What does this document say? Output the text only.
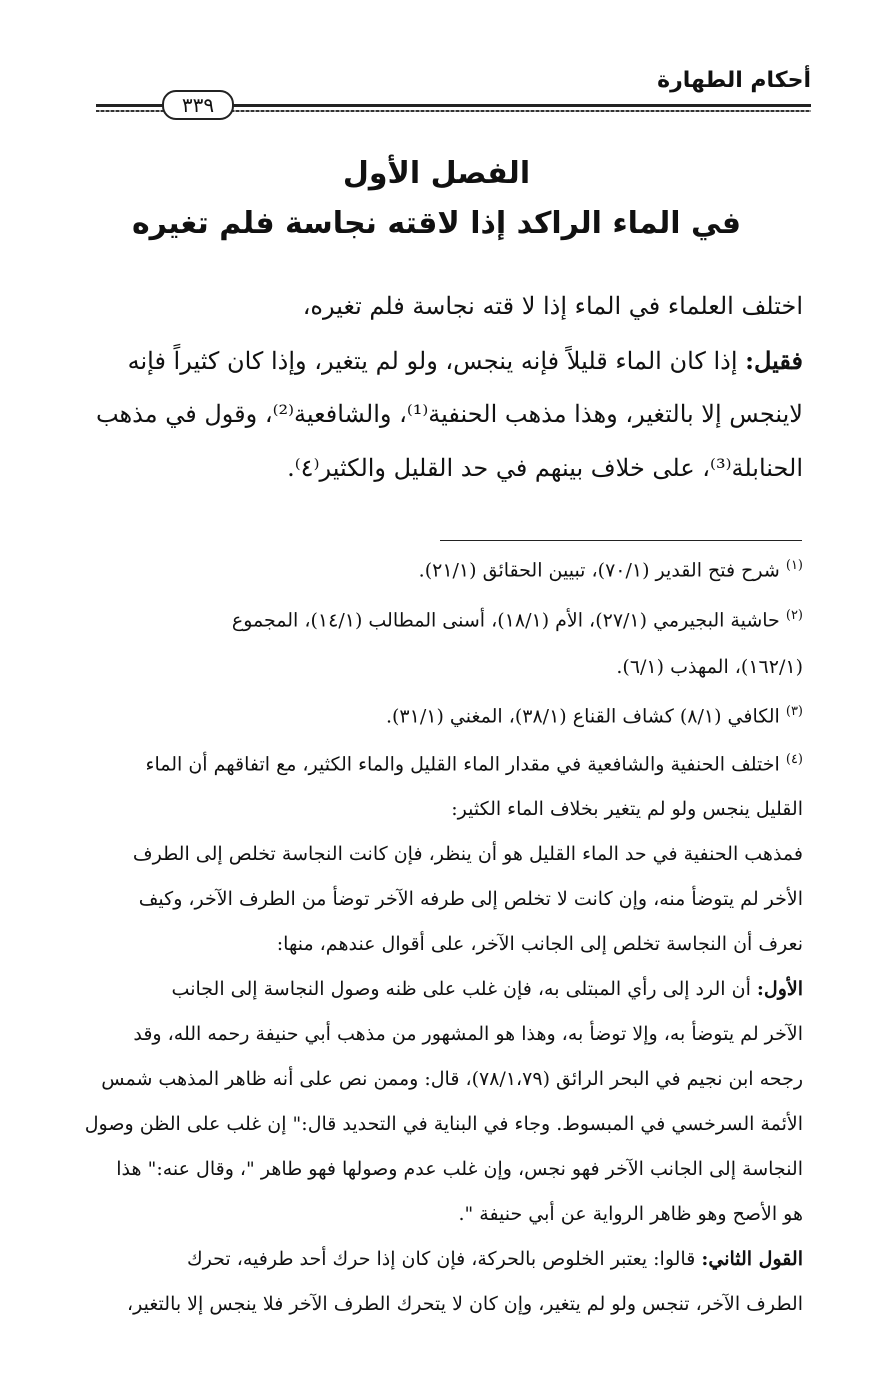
أحكام الطهارة
٣٣٩
الفصل الأول
في الماء الراكد إذا لاقته نجاسة فلم تغيره
اختلف العلماء في الماء إذا لا قته نجاسة فلم تغيره،
فقيل: إذا كان الماء قليلاً فإنه ينجس، ولو لم يتغير، وإذا كان كثيراً فإنه
لاينجس إلا بالتغير، وهذا مذهب الحنفية⁽¹⁾، والشافعية⁽²⁾، وقول في مذهب
الحنابلة⁽³⁾، على خلاف بينهم في حد القليل والكثير⁽٤⁾.
$^{(١)}$ شرح فتح القدير (٧٠/١)، تبيين الحقائق (٢١/١).
$^{(٢)}$ حاشية البجيرمي (٢٧/١)، الأم (١٨/١)، أسنى المطالب (١٤/١)، المجموع
(١٦٢/١)، المهذب (٦/١).
$^{(٣)}$ الكافي (٨/١) كشاف القناع (٣٨/١)، المغني (٣١/١).
$^{(٤)}$ اختلف الحنفية والشافعية في مقدار الماء القليل والماء الكثير، مع اتفاقهم أن الماء
القليل ينجس ولو لم يتغير بخلاف الماء الكثير:
فمذهب الحنفية في حد الماء القليل هو أن ينظر، فإن كانت النجاسة تخلص إلى الطرف
الأخر لم يتوضأ منه، وإن كانت لا تخلص إلى طرفه الآخر توضأ من الطرف الآخر، وكيف
نعرف أن النجاسة تخلص إلى الجانب الآخر، على أقوال عندهم، منها:
الأول: أن الرد إلى رأي المبتلى به، فإن غلب على ظنه وصول النجاسة إلى الجانب
الآخر لم يتوضأ به، وإلا توضأ به، وهذا هو المشهور من مذهب أبي حنيفة رحمه الله، وقد
رجحه ابن نجيم في البحر الرائق (٧٨/١،٧٩)، قال: وممن نص على أنه ظاهر المذهب شمس
الأئمة السرخسي في المبسوط. وجاء في البناية في التحديد قال:" إن غلب على الظن وصول
النجاسة إلى الجانب الآخر فهو نجس، وإن غلب عدم وصولها فهو طاهر "، وقال عنه:" هذا
هو الأصح وهو ظاهر الرواية عن أبي حنيفة ".
القول الثاني: قالوا: يعتبر الخلوص بالحركة، فإن كان إذا حرك أحد طرفيه، تحرك
الطرف الآخر، تنجس ولو لم يتغير، وإن كان لا يتحرك الطرف الآخر فلا ينجس إلا بالتغير،
